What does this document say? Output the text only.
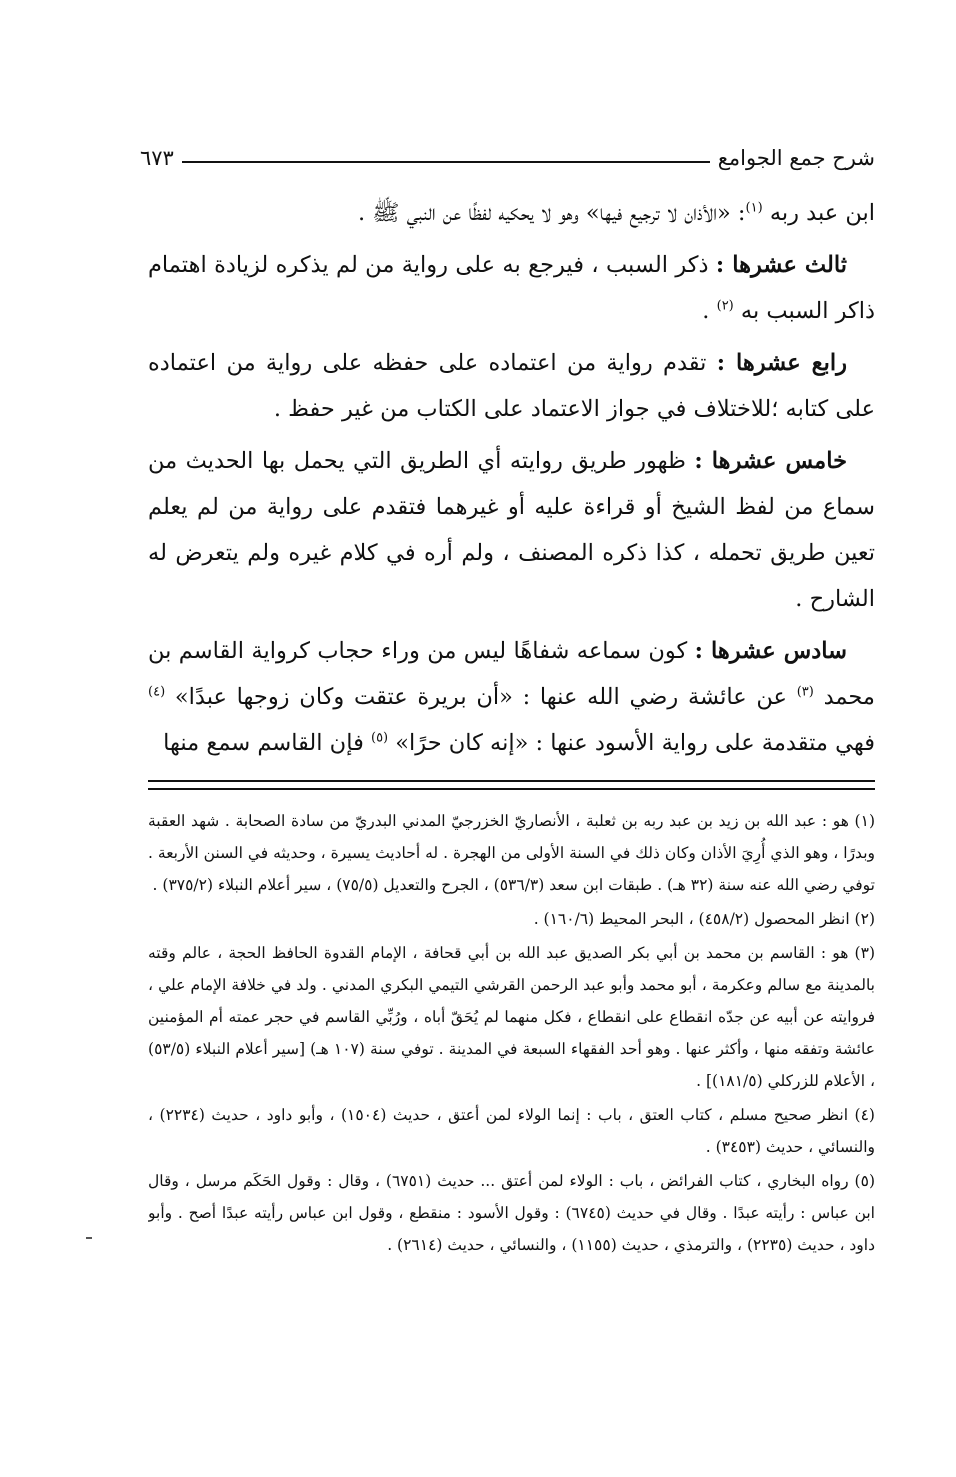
شرح جمع الجوامع
٦٧٣

ابن عبد ربه $^{(١)}$: «الأذان لا ترجيع فيها» وهو لا يحكيه لفظًا عن النبي ﷺ .

ثالث عشرها : ذكر السبب ، فيرجع به على رواية من لم يذكره لزيادة اهتمام ذاكر السبب به $^{(٢)}$ .

رابع عشرها : تقدم رواية من اعتماده على حفظه على رواية من اعتماده على كتابه ؛للاختلاف في جواز الاعتماد على الكتاب من غير حفظ .

خامس عشرها : ظهور طريق روايته أي الطريق التي يحمل بها الحديث من سماع من لفظ الشيخ أو قراءة عليه أو غيرهما فتقدم على رواية من لم يعلم تعين طريق تحمله ، كذا ذكره المصنف ، ولم أره في كلام غيره ولم يتعرض له الشارح .

سادس عشرها : كون سماعه شفاهًا ليس من وراء حجاب كرواية القاسم بن محمد $^{(٣)}$ عن عائشة رضي الله عنها : «أن بريرة عتقت وكان زوجها عبدًا» $^{(٤)}$ فهي متقدمة على رواية الأسود عنها : «إنه كان حرًا» $^{(٥)}$ فإن القاسم سمع منها

(١) هو : عبد الله بن زيد بن عبد ربه بن ثعلبة ، الأنصاريّ الخزرجيّ المدني البدريّ من سادة الصحابة . شهد العقبة وبدرًا ، وهو الذي أُرِيَ الأذان وكان ذلك في السنة الأولى من الهجرة . له أحاديث يسيرة ، وحديثه في السنن الأربعة . توفي رضي الله عنه سنة (٣٢ هـ) . طبقات ابن سعد (٥٣٦/٣) ، الجرح والتعديل (٧٥/٥) ، سير أعلام النبلاء (٣٧٥/٢) .

(٢) انظر المحصول (٤٥٨/٢) ، البحر المحيط (١٦٠/٦) .

(٣) هو : القاسم بن محمد بن أبي بكر الصديق عبد الله بن أبي قحافة ، الإمام القدوة الحافظ الحجة ، عالم وقته بالمدينة مع سالم وعكرمة ، أبو محمد وأبو عبد الرحمن القرشي التيمي البكري المدني . ولد في خلافة الإمام علي ، فروايته عن أبيه عن جدّه انقطاع على انقطاع ، فكل منهما لم يُحَقّ أباه ، ورُبِّي القاسم في حجر عمته أم المؤمنين عائشة وتفقه منها ، وأكثر عنها . وهو أحد الفقهاء السبعة في المدينة . توفي سنة (١٠٧ هـ) [سير أعلام النبلاء (٥٣/٥) ، الأعلام للزركلي (١٨١/٥)] .

(٤) انظر صحيح مسلم ، كتاب العتق ، باب : إنما الولاء لمن أعتق ، حديث (١٥٠٤) ، وأبو داود ، حديث (٢٢٣٤) ، والنسائي ، حديث (٣٤٥٣) .

(٥) رواه البخاري ، كتاب الفرائض ، باب : الولاء لمن أعتق ... حديث (٦٧٥١) ، وقال : وقول الحَكَم مرسل ، وقال ابن عباس : رأيته عبدًا . وقال في حديث (٦٧٤٥) : وقول الأسود : منقطع ، وقول ابن عباس رأيته عبدًا أصح . وأبو داود ، حديث (٢٢٣٥) ، والترمذي ، حديث (١١٥٥) ، والنسائي ، حديث (٢٦١٤) .
